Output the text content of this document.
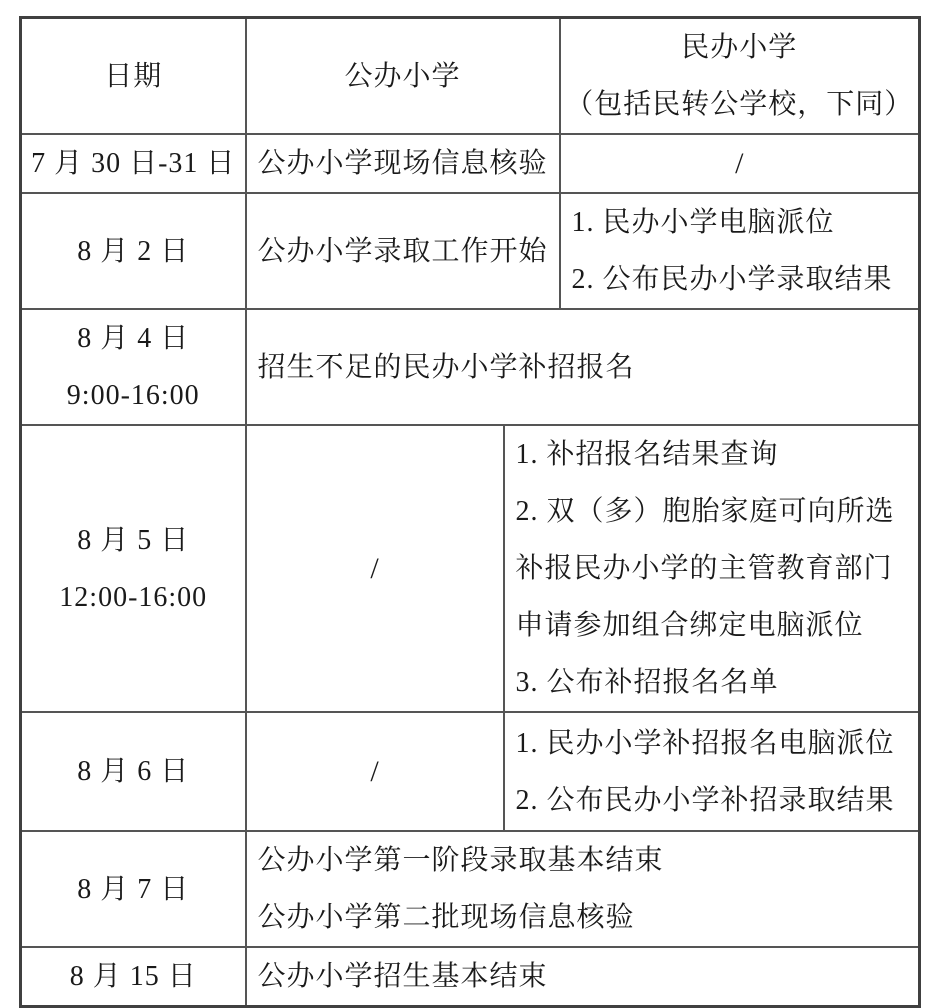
日期	公办小学		民办小学
（包括民转公学校，下同）

7 月 30 日-31 日	公办小学现场信息核验		/
8 月 2 日	公办小学录取工作开始		1. 民办小学电脑派位
2. 公布民办小学录取结果

8 月 4 日
9:00-16:00	招生不足的民办小学补招报名		

8 月 5 日
12:00-16:00	/	1. 补招报名结果查询
2. 双（多）胞胎家庭可向所选补报民办小学的主管教育部门申请参加组合绑定电脑派位
3. 公布补招报名名单	

8 月 6 日	/	1. 民办小学补招报名电脑派位
2. 公布民办小学补招录取结果	

8 月 7 日	公办小学第一阶段录取基本结束
公办小学第二批现场信息核验		

8 月 15 日	公办小学招生基本结束		
